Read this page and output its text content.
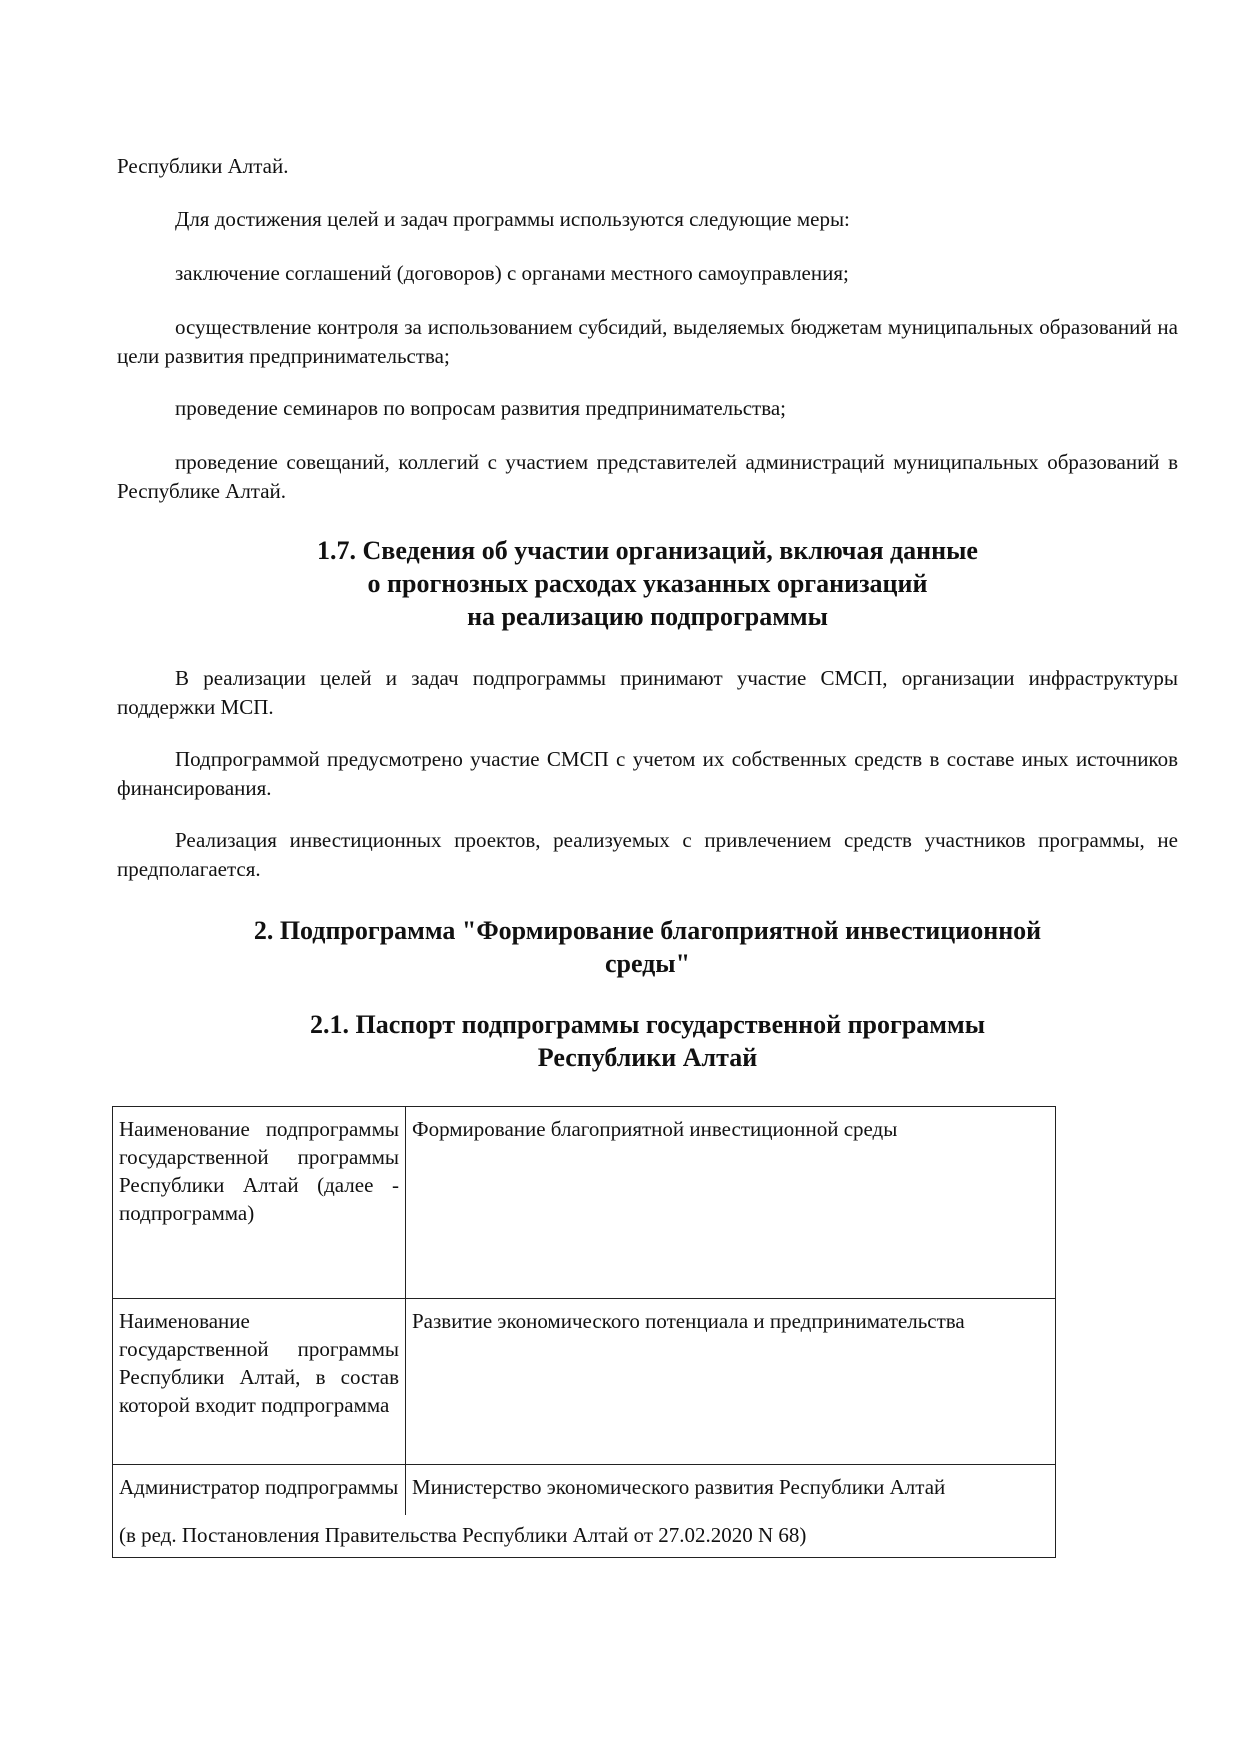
Республики Алтай.

Для достижения целей и задач программы используются следующие меры:

заключение соглашений (договоров) с органами местного самоуправления;

осуществление контроля за использованием субсидий, выделяемых бюджетам муниципальных образований на цели развития предпринимательства;

проведение семинаров по вопросам развития предпринимательства;

проведение совещаний, коллегий с участием представителей администраций муниципальных образований в Республике Алтай.

1.7. Сведения об участии организаций, включая данные
о прогнозных расходах указанных организаций
на реализацию подпрограммы

В реализации целей и задач подпрограммы принимают участие СМСП, организации инфраструктуры поддержки МСП.

Подпрограммой предусмотрено участие СМСП с учетом их собственных средств в составе иных источников финансирования.

Реализация инвестиционных проектов, реализуемых с привлечением средств участников программы, не предполагается.

2. Подпрограмма "Формирование благоприятной инвестиционной
среды"
2.1. Паспорт подпрограммы государственной программы
Республики Алтай
Наименование подпрограммы государственной программы Республики Алтай (далее - подпрограмма)	Формирование благоприятной инвестиционной среды
Наименование государственной программы Республики Алтай, в состав которой входит подпрограмма	Развитие экономического потенциала и предпринимательства
Администратор подпрограммы	Министерство экономического развития Республики Алтай
(в ред. Постановления Правительства Республики Алтай от 27.02.2020 N 68)	
